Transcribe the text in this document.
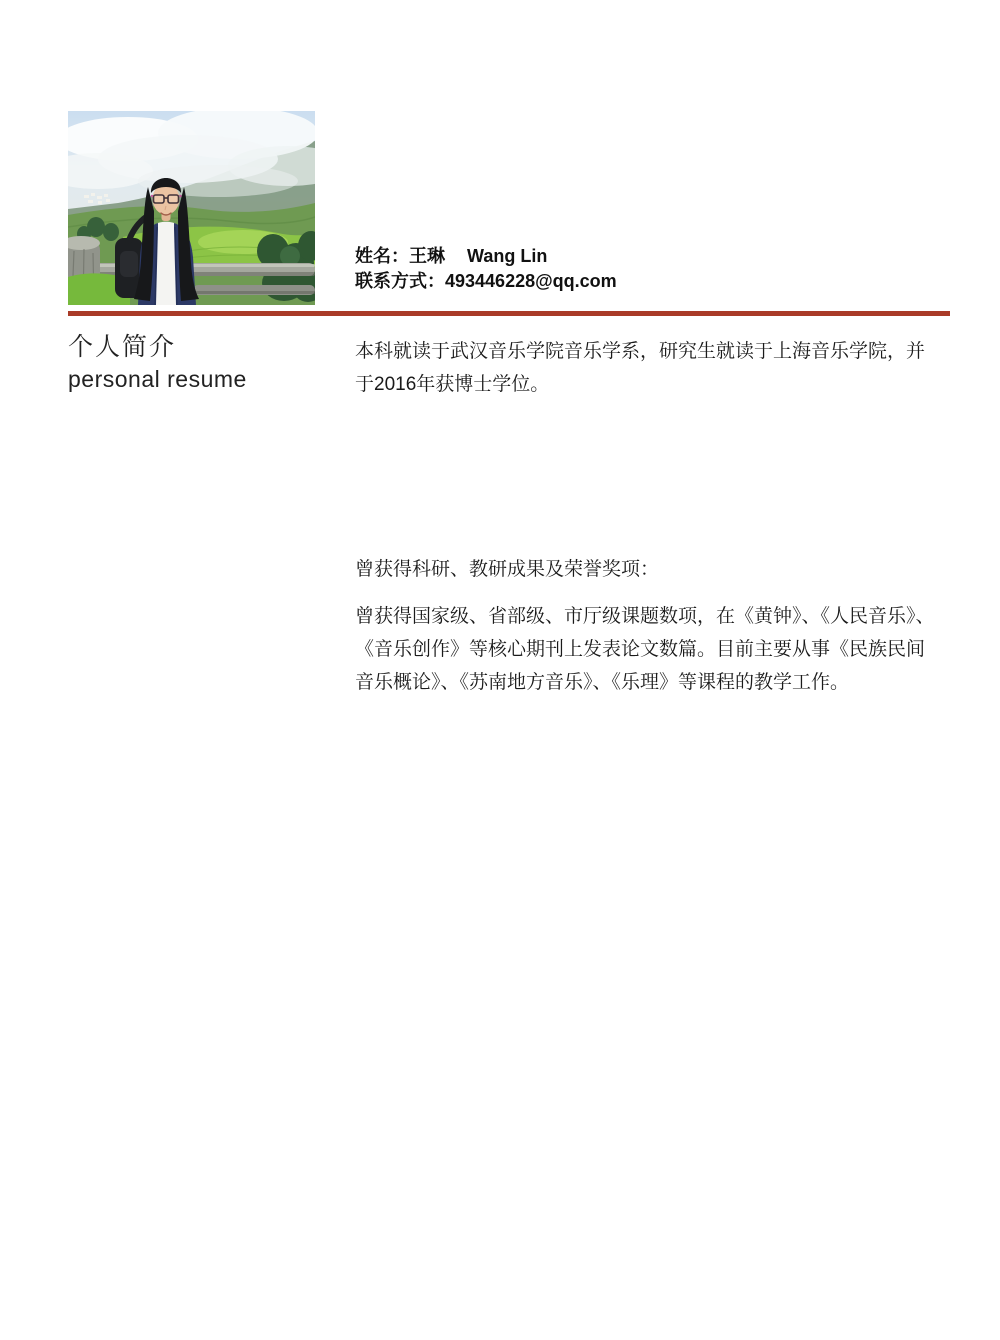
姓名：王琳 Wang Lin
联系方式：493446228@qq.com
个人简介
personal resume

本科就读于武汉音乐学院音乐学系，研究生就读于上海音乐学院，并于2016年获博士学位。

曾获得科研、教研成果及荣誉奖项：

曾获得国家级、省部级、市厅级课题数项，在《黄钟》、《人民音乐》、《音乐创作》等核心期刊上发表论文数篇。目前主要从事《民族民间音乐概论》、《苏南地方音乐》、《乐理》等课程的教学工作。
